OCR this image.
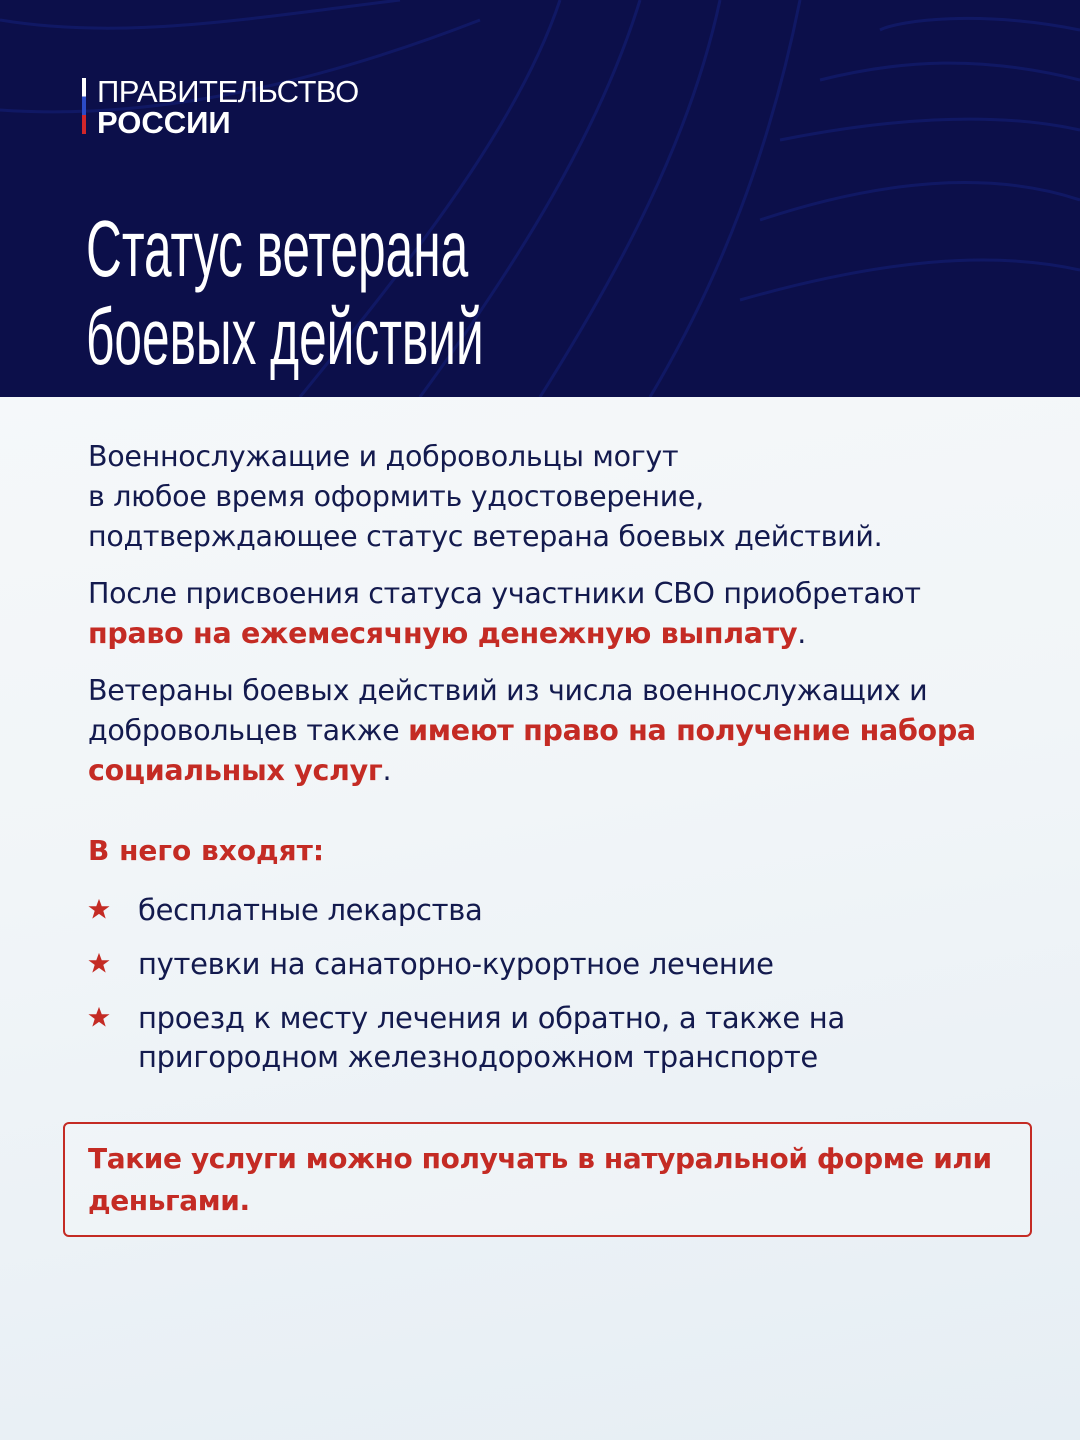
ПРАВИТЕЛЬСТВО
РОССИИ
Статус ветерана
боевых действий

Военнослужащие и добровольцы могут
в любое время оформить удостоверение,
подтверждающее статус ветерана боевых действий.

После присвоения статуса участники СВО приобретают
право на ежемесячную денежную выплату.

Ветераны боевых действий из числа военнослужащих и добровольцев также имеют право на получение набора социальных услуг.

В него входят:
бесплатные лекарства
путевки на санаторно-курортное лечение
проезд к месту лечения и обратно, а также на пригородном железнодорожном транспорте
Такие услуги можно получать в натуральной форме или деньгами.
